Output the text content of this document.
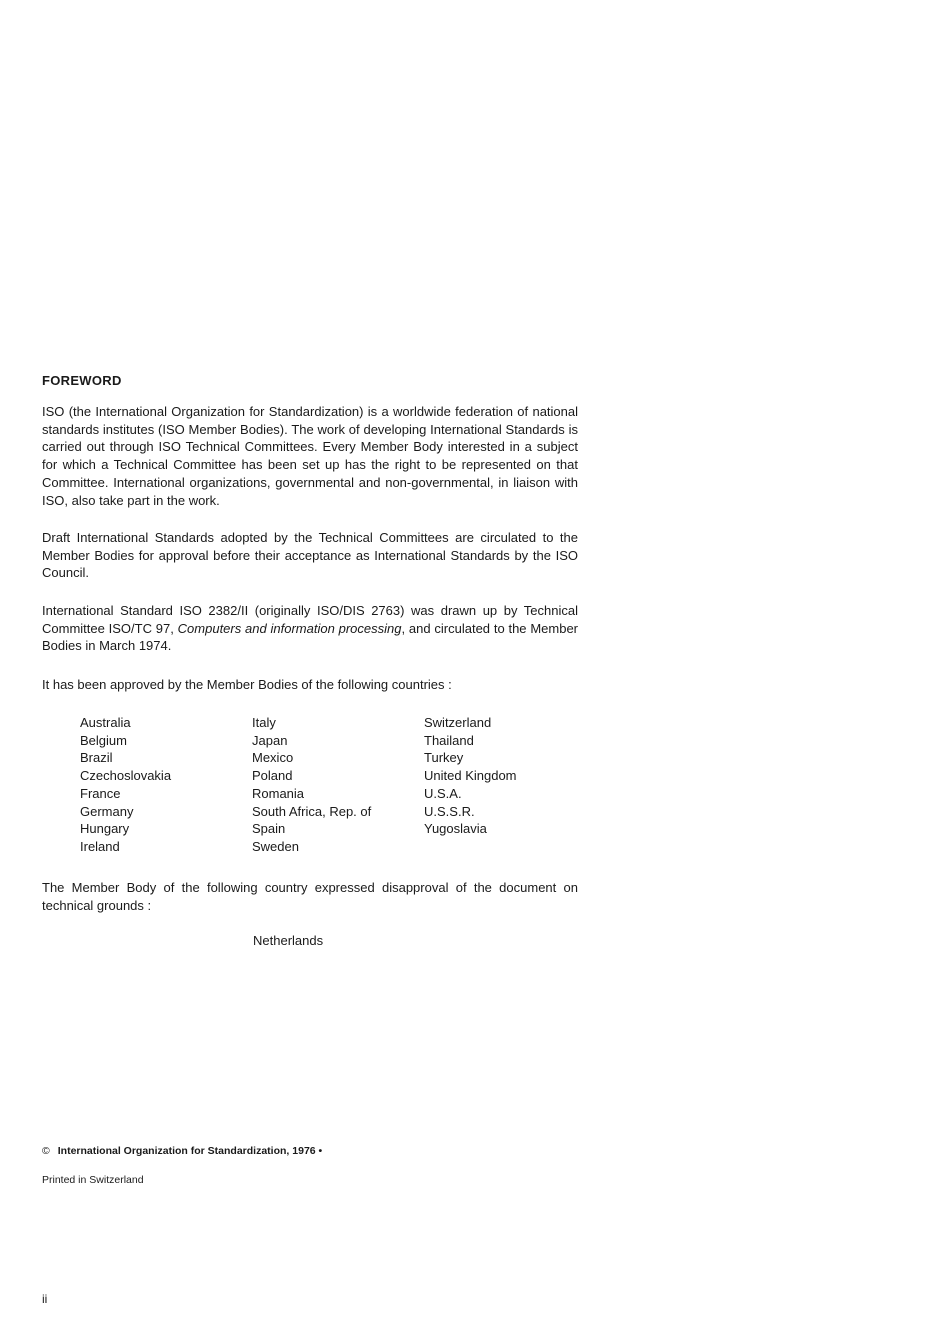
FOREWORD

ISO (the International Organization for Standardization) is a worldwide federation of national standards institutes (ISO Member Bodies). The work of developing International Standards is carried out through ISO Technical Committees. Every Member Body interested in a subject for which a Technical Committee has been set up has the right to be represented on that Committee. International organizations, governmental and non-governmental, in liaison with ISO, also take part in the work.

Draft International Standards adopted by the Technical Committees are circulated to the Member Bodies for approval before their acceptance as International Standards by the ISO Council.

International Standard ISO 2382/II (originally ISO/DIS 2763) was drawn up by Technical Committee ISO/TC 97, Computers and information processing, and circulated to the Member Bodies in March 1974.

It has been approved by the Member Bodies of the following countries :

Australia
Belgium
Brazil
Czechoslovakia
France
Germany
Hungary
Ireland
Italy
Japan
Mexico
Poland
Romania
South Africa, Rep. of
Spain
Sweden
Switzerland
Thailand
Turkey
United Kingdom
U.S.A.
U.S.S.R.
Yugoslavia

The Member Body of the following country expressed disapproval of the document on technical grounds :

Netherlands
© International Organization for Standardization, 1976 •
Printed in Switzerland
ii
